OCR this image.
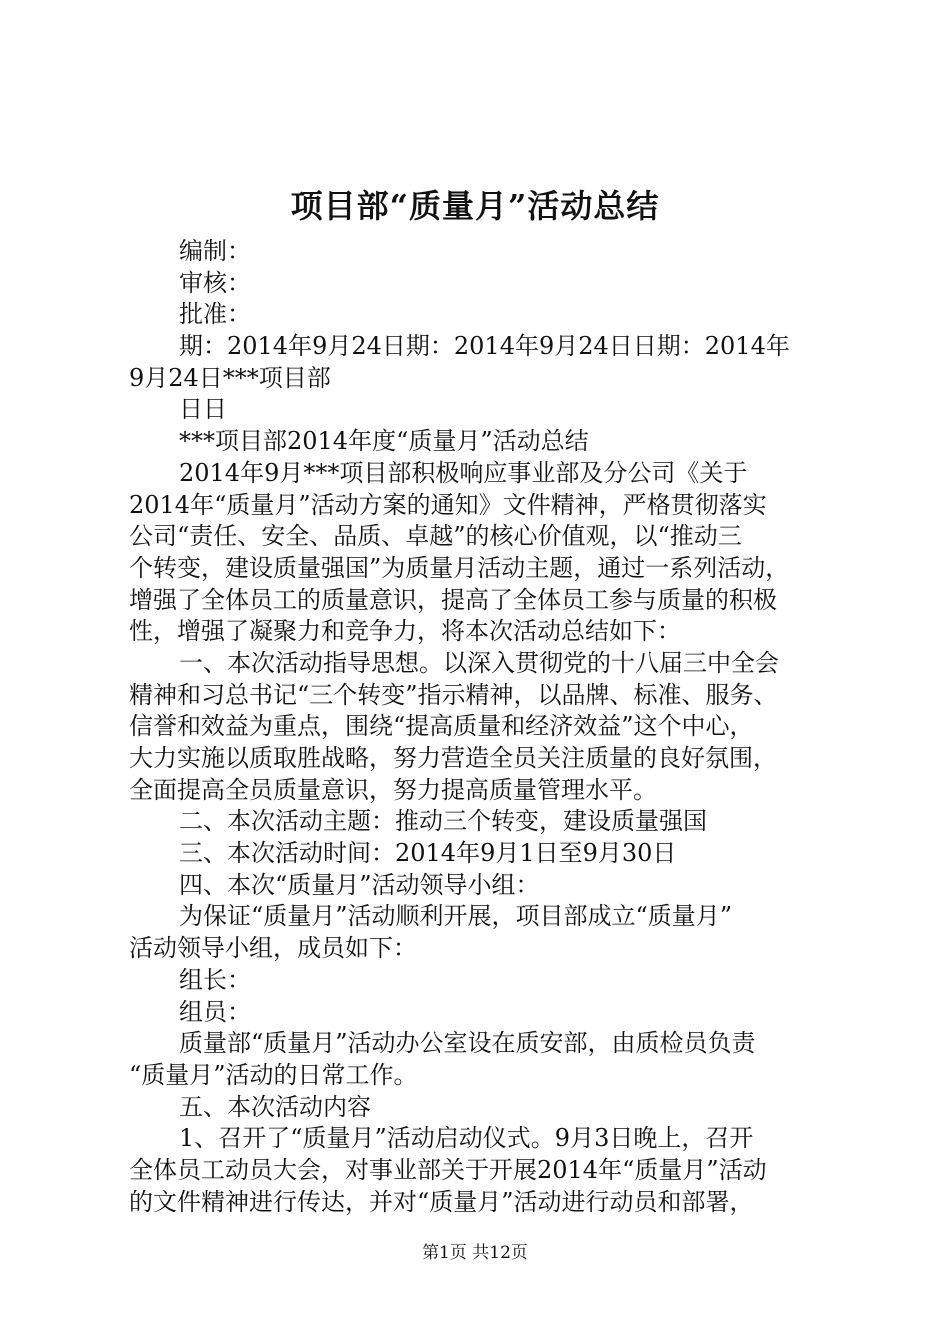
项目部“质量月”活动总结
编制：
审核：
批准：
期：2014年9月24日期：2014年9月24日日期：2014年
9月24日***项目部
日日
***项目部2014年度“质量月”活动总结
2014年9月***项目部积极响应事业部及分公司《关于
2014年“质量月”活动方案的通知》文件精神，严格贯彻落实
公司“责任、安全、品质、卓越”的核心价值观，以“推动三
个转变，建设质量强国”为质量月活动主题，通过一系列活动，
增强了全体员工的质量意识，提高了全体员工参与质量的积极
性，增强了凝聚力和竞争力，将本次活动总结如下：
一、本次活动指导思想。以深入贯彻党的十八届三中全会
精神和习总书记“三个转变”指示精神，以品牌、标准、服务、
信誉和效益为重点，围绕“提高质量和经济效益”这个中心，
大力实施以质取胜战略，努力营造全员关注质量的良好氛围，
全面提高全员质量意识，努力提高质量管理水平。
二、本次活动主题：推动三个转变，建设质量强国
三、本次活动时间：2014年9月1日至9月30日
四、本次“质量月”活动领导小组：
为保证“质量月”活动顺利开展，项目部成立“质量月”
活动领导小组，成员如下：
组长：
组员：
质量部“质量月”活动办公室设在质安部，由质检员负责
“质量月”活动的日常工作。
五、本次活动内容
1、召开了“质量月”活动启动仪式。9月3日晚上，召开
全体员工动员大会，对事业部关于开展2014年“质量月”活动
的文件精神进行传达，并对“质量月”活动进行动员和部署，
第1页 共12页
